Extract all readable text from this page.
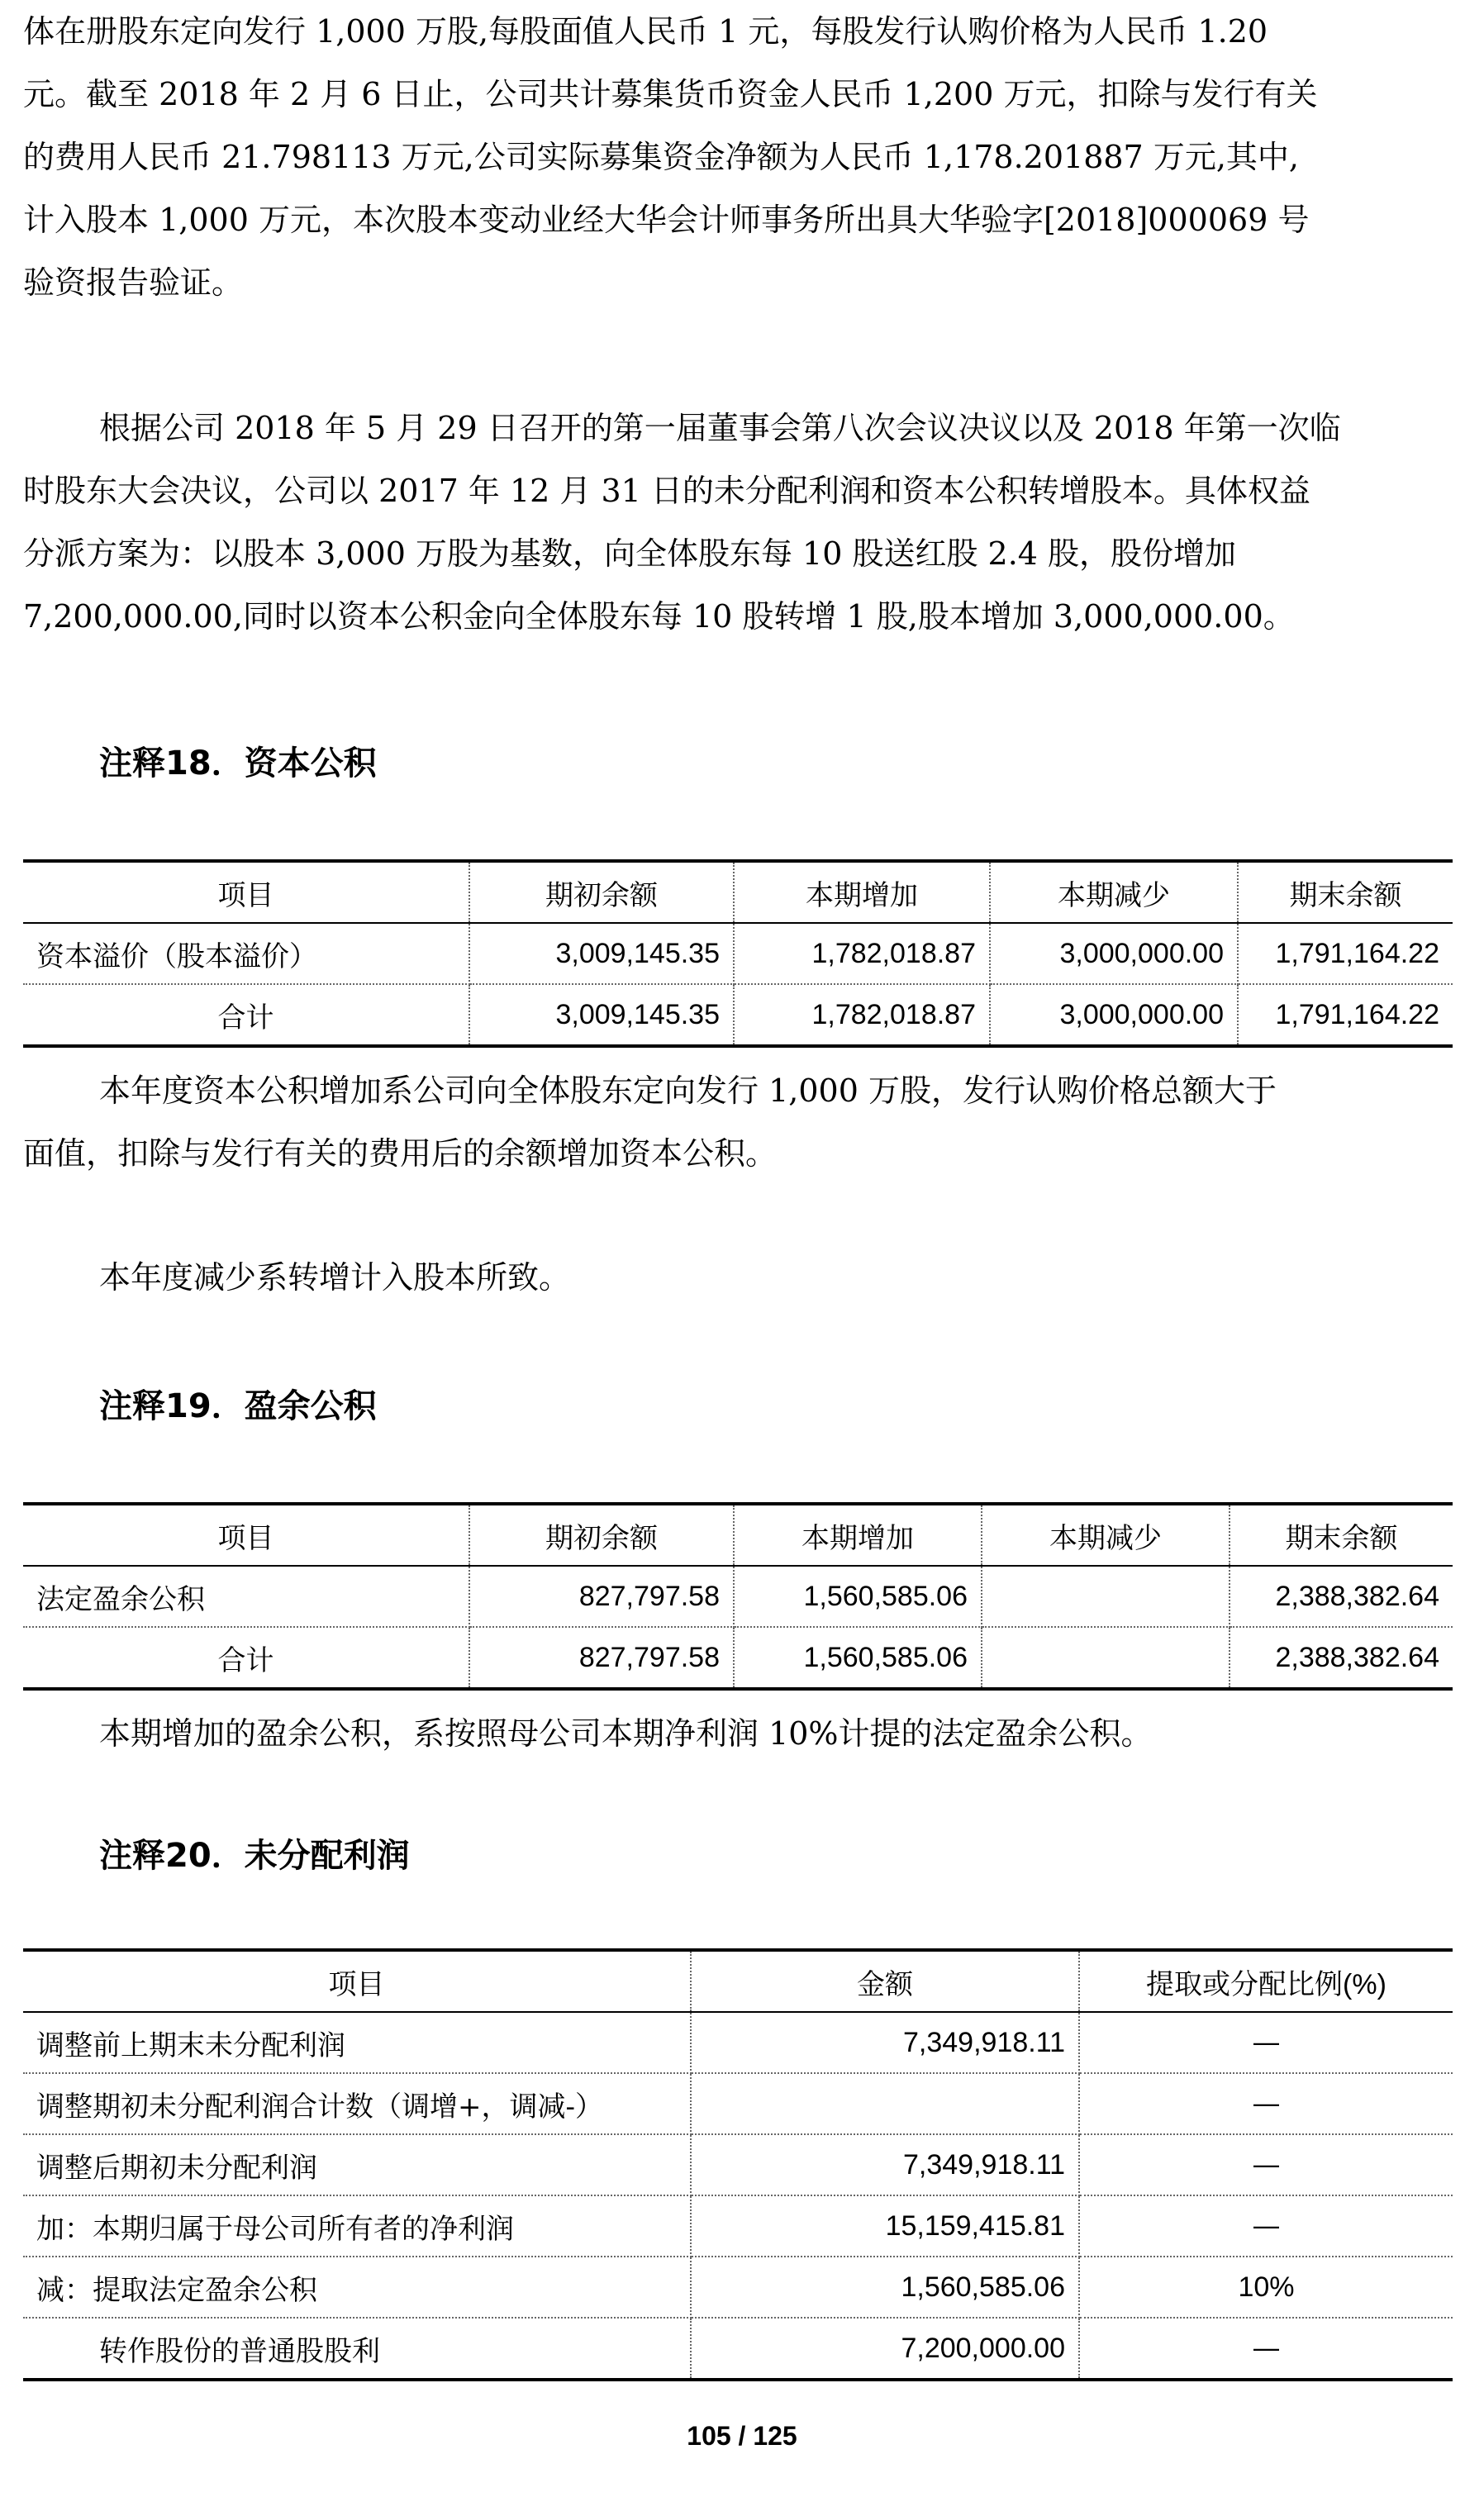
体在册股东定向发行 1,000 万股,每股面值人民币 1 元，每股发行认购价格为人民币 1.20
元。截至 2018 年 2 月 6 日止，公司共计募集货币资金人民币 1,200 万元，扣除与发行有关
的费用人民币 21.798113 万元,公司实际募集资金净额为人民币 1,178.201887 万元,其中,
计入股本 1,000 万元，本次股本变动业经大华会计师事务所出具大华验字[2018]000069 号
验资报告验证。
根据公司 2018 年 5 月 29 日召开的第一届董事会第八次会议决议以及 2018 年第一次临
时股东大会决议，公司以 2017 年 12 月 31 日的未分配利润和资本公积转增股本。具体权益
分派方案为：以股本 3,000 万股为基数，向全体股东每 10 股送红股 2.4 股，股份增加
7,200,000.00,同时以资本公积金向全体股东每 10 股转增 1 股,股本增加 3,000,000.00。
注释18．资本公积
项目	期初余额	本期增加	本期减少	期末余额
资本溢价（股本溢价）	3,009,145.35	1,782,018.87	3,000,000.00	1,791,164.22
合计	3,009,145.35	1,782,018.87	3,000,000.00	1,791,164.22
本年度资本公积增加系公司向全体股东定向发行 1,000 万股，发行认购价格总额大于
面值，扣除与发行有关的费用后的余额增加资本公积。
本年度减少系转增计入股本所致。
注释19．盈余公积
项目	期初余额	本期增加	本期减少	期末余额
法定盈余公积	827,797.58	1,560,585.06		2,388,382.64
合计	827,797.58	1,560,585.06		2,388,382.64
本期增加的盈余公积，系按照母公司本期净利润 10%计提的法定盈余公积。
注释20．未分配利润
项目	金额	提取或分配比例(%)
调整前上期末未分配利润	7,349,918.11	—
调整期初未分配利润合计数（调增+，调减-）		—
调整后期初未分配利润	7,349,918.11	—
加：本期归属于母公司所有者的净利润	15,159,415.81	—
减：提取法定盈余公积	1,560,585.06	10%
转作股份的普通股股利	7,200,000.00	—
105 / 125
